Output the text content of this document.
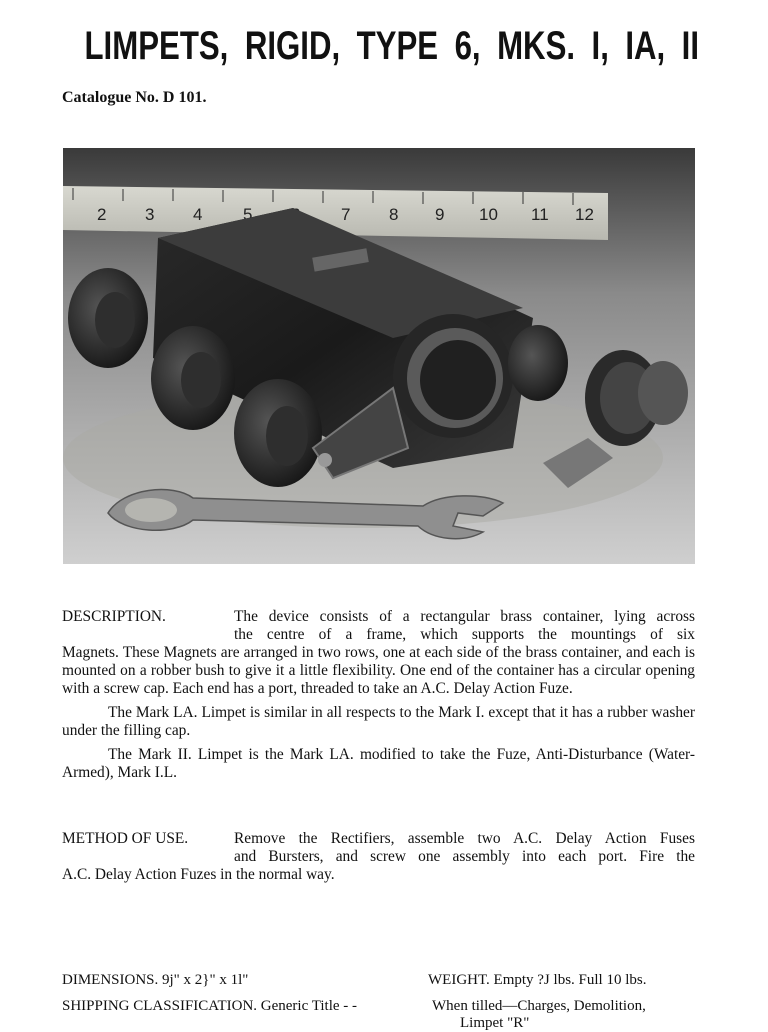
LIMPETS, RIGID, TYPE 6, MKS. I, IA, II
Catalogue No. D 101.
2 3 4 5	7 8 9 10 11 12
DESCRIPTION.	The device consists of a rectangular brass container, lying across
the centre of a frame, which supports the mountings of six
Magnets. These Magnets are arranged in two rows, one at each side of the brass container, and each is mounted on a robber bush to give it a little flexibility. One end of the container has a circular opening with a screw cap. Each end has a port, threaded to take an A.C. Delay Action Fuze.
The Mark LA. Limpet is similar in all respects to the Mark I. except that it has a rubber washer under the filling cap.
The Mark II. Limpet is the Mark LA. modified to take the Fuze, Anti-Disturbance (Water-Armed), Mark I.L.
METHOD OF USE.	Remove the Rectifiers, assemble two A.C. Delay Action Fuses
and Bursters, and screw one assembly into each port. Fire the
A.C. Delay Action Fuzes in the normal way.
DIMENSIONS. 9j" x 2}" x 1l"	WEIGHT. Empty ?J lbs. Full 10 lbs.
SHIPPING CLASSIFICATION. Generic Title - -	When tilled—Charges, Demolition,
Limpet "R"
